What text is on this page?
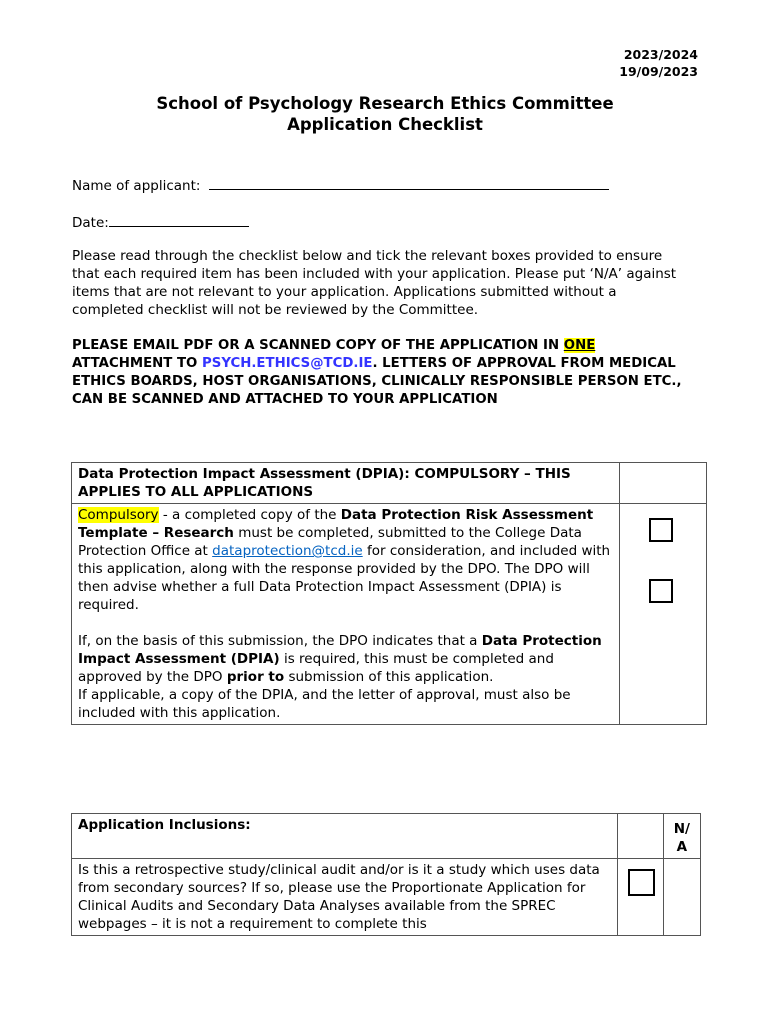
2023/2024
19/09/2023
School of Psychology Research Ethics Committee
Application Checklist
Name of applicant:
Date:
Please read through the checklist below and tick the relevant boxes provided to ensure that each required item has been included with your application. Please put ‘N/A’ against items that are not relevant to your application. Applications submitted without a completed checklist will not be reviewed by the Committee.
PLEASE EMAIL PDF OR A SCANNED COPY OF THE APPLICATION IN ONE ATTACHMENT TO PSYCH.ETHICS@TCD.IE. LETTERS OF APPROVAL FROM MEDICAL ETHICS BOARDS, HOST ORGANISATIONS, CLINICALLY RESPONSIBLE PERSON ETC., CAN BE SCANNED AND ATTACHED TO YOUR APPLICATION
Data Protection Impact Assessment (DPIA): COMPULSORY – THIS APPLIES TO ALL APPLICATIONS	

Compulsory - a completed copy of the Data Protection Risk Assessment Template – Research must be completed, submitted to the College Data Protection Office at dataprotection@tcd.ie for consideration, and included with this application, along with the response provided by the DPO. The DPO will then advise whether a full Data Protection Impact Assessment (DPIA) is required.
If, on the basis of this submission, the DPO indicates that a Data Protection Impact Assessment (DPIA) is required, this must be completed and approved by the DPO prior to submission of this application.
If applicable, a copy of the DPIA, and the letter of approval, must also be included with this application.	

Application Inclusions:		N/A
Is this a retrospective study/clinical audit and/or is it a study which uses data from secondary sources? If so, please use the Proportionate Application for Clinical Audits and Secondary Data Analyses available from the SPREC webpages – it is not a requirement to complete this		
